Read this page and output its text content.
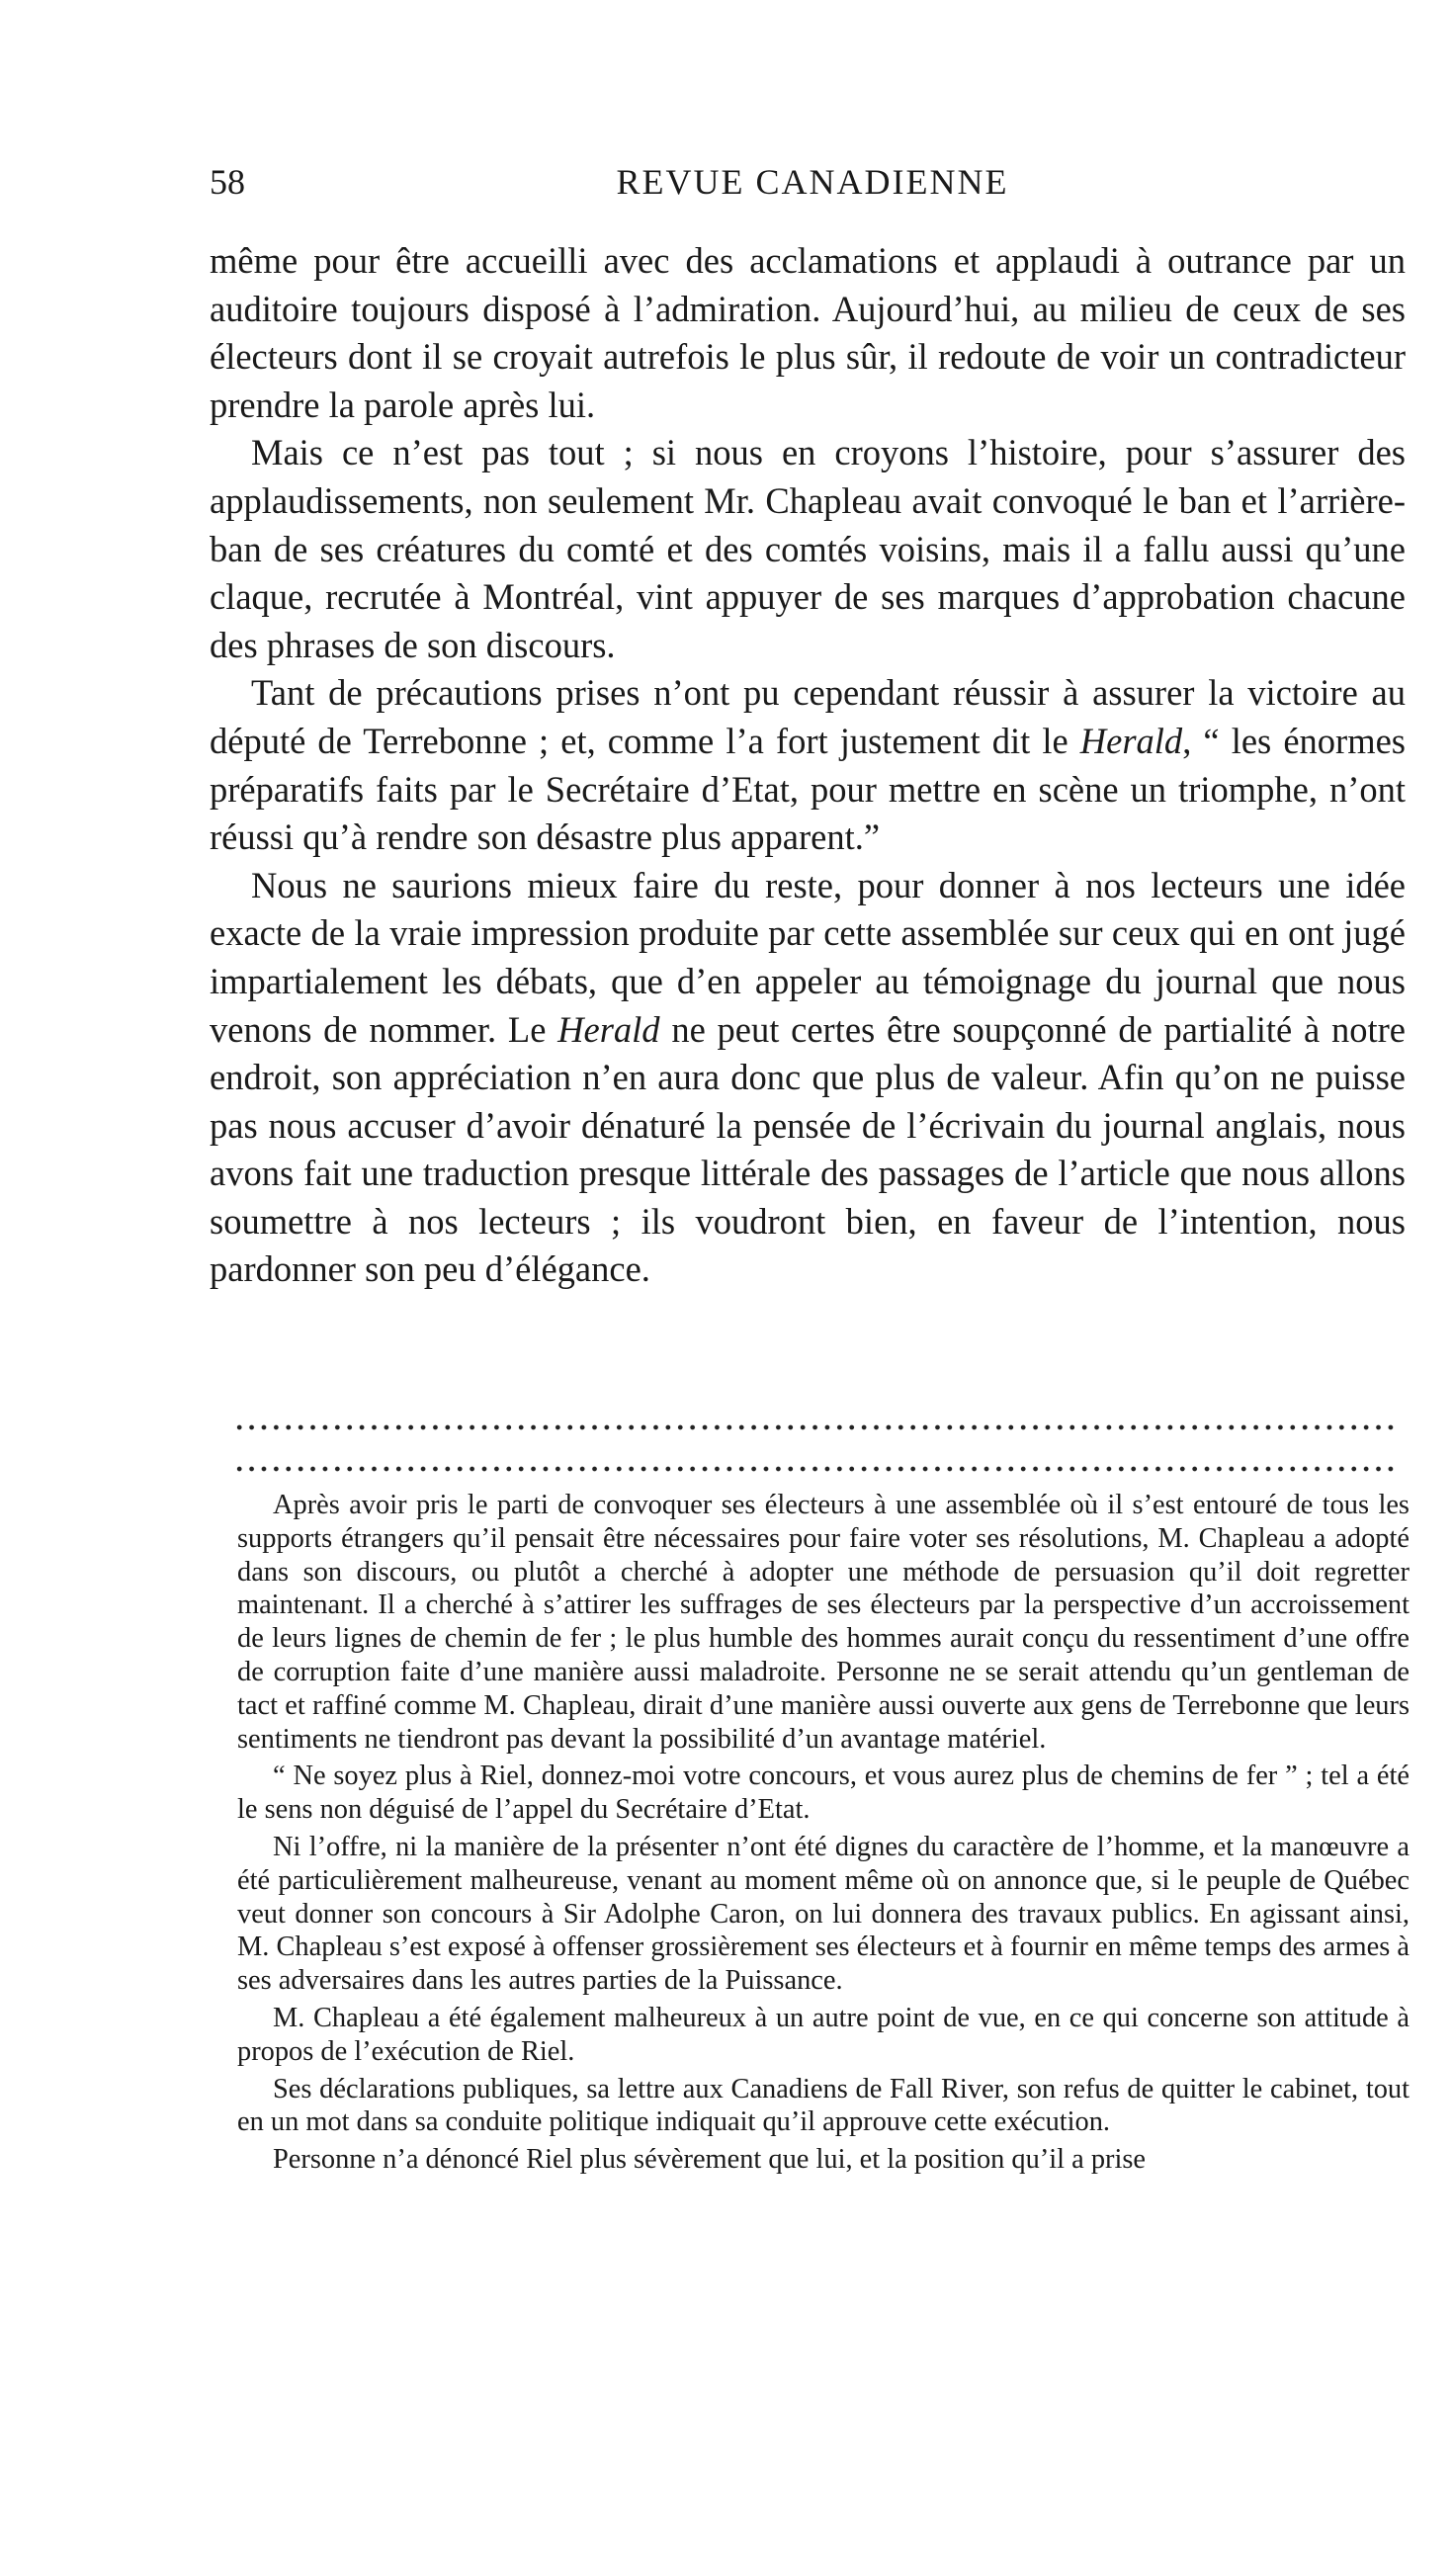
58	REVUE CANADIENNE

même pour être accueilli avec des acclamations et applaudi à outrance par un auditoire toujours disposé à l’admiration. Aujourd’hui, au milieu de ceux de ses électeurs dont il se croyait autrefois le plus sûr, il redoute de voir un contradicteur prendre la parole après lui.

Mais ce n’est pas tout ; si nous en croyons l’histoire, pour s’assurer des applaudissements, non seulement Mr. Chapleau avait convoqué le ban et l’arrière-ban de ses créatures du comté et des comtés voisins, mais il a fallu aussi qu’une claque, recrutée à Montréal, vint appuyer de ses marques d’approbation chacune des phrases de son discours.

Tant de précautions prises n’ont pu cependant réussir à assurer la victoire au député de Terrebonne ; et, comme l’a fort justement dit le Herald, “ les énormes préparatifs faits par le Secrétaire d’Etat, pour mettre en scène un triomphe, n’ont réussi qu’à rendre son désastre plus apparent.”

Nous ne saurions mieux faire du reste, pour donner à nos lecteurs une idée exacte de la vraie impression produite par cette assemblée sur ceux qui en ont jugé impartialement les débats, que d’en appeler au témoignage du journal que nous venons de nommer. Le Herald ne peut certes être soupçonné de partialité à notre endroit, son appréciation n’en aura donc que plus de valeur. Afin qu’on ne puisse pas nous accuser d’avoir dénaturé la pensée de l’écrivain du journal anglais, nous avons fait une traduction presque littérale des passages de l’article que nous allons soumettre à nos lecteurs ; ils voudront bien, en faveur de l’intention, nous pardonner son peu d’élégance.

Après avoir pris le parti de convoquer ses électeurs à une assemblée où il s’est entouré de tous les supports étrangers qu’il pensait être nécessaires pour faire voter ses résolutions, M. Chapleau a adopté dans son discours, ou plutôt a cherché à adopter une méthode de persuasion qu’il doit regretter maintenant. Il a cherché à s’attirer les suffrages de ses électeurs par la perspective d’un accroissement de leurs lignes de chemin de fer ; le plus humble des hommes aurait conçu du ressentiment d’une offre de corruption faite d’une manière aussi maladroite. Personne ne se serait attendu qu’un gentleman de tact et raffiné comme M. Chapleau, dirait d’une manière aussi ouverte aux gens de Terrebonne que leurs sentiments ne tiendront pas devant la possibilité d’un avantage matériel.

“ Ne soyez plus à Riel, donnez-moi votre concours, et vous aurez plus de chemins de fer ” ; tel a été le sens non déguisé de l’appel du Secrétaire d’Etat.

Ni l’offre, ni la manière de la présenter n’ont été dignes du caractère de l’homme, et la manœuvre a été particulièrement malheureuse, venant au moment même où on annonce que, si le peuple de Québec veut donner son concours à Sir Adolphe Caron, on lui donnera des travaux publics. En agissant ainsi, M. Chapleau s’est exposé à offenser grossièrement ses électeurs et à fournir en même temps des armes à ses adversaires dans les autres parties de la Puissance.

M. Chapleau a été également malheureux à un autre point de vue, en ce qui concerne son attitude à propos de l’exécution de Riel.

Ses déclarations publiques, sa lettre aux Canadiens de Fall River, son refus de quitter le cabinet, tout en un mot dans sa conduite politique indiquait qu’il approuve cette exécution.

Personne n’a dénoncé Riel plus sévèrement que lui, et la position qu’il a prise
